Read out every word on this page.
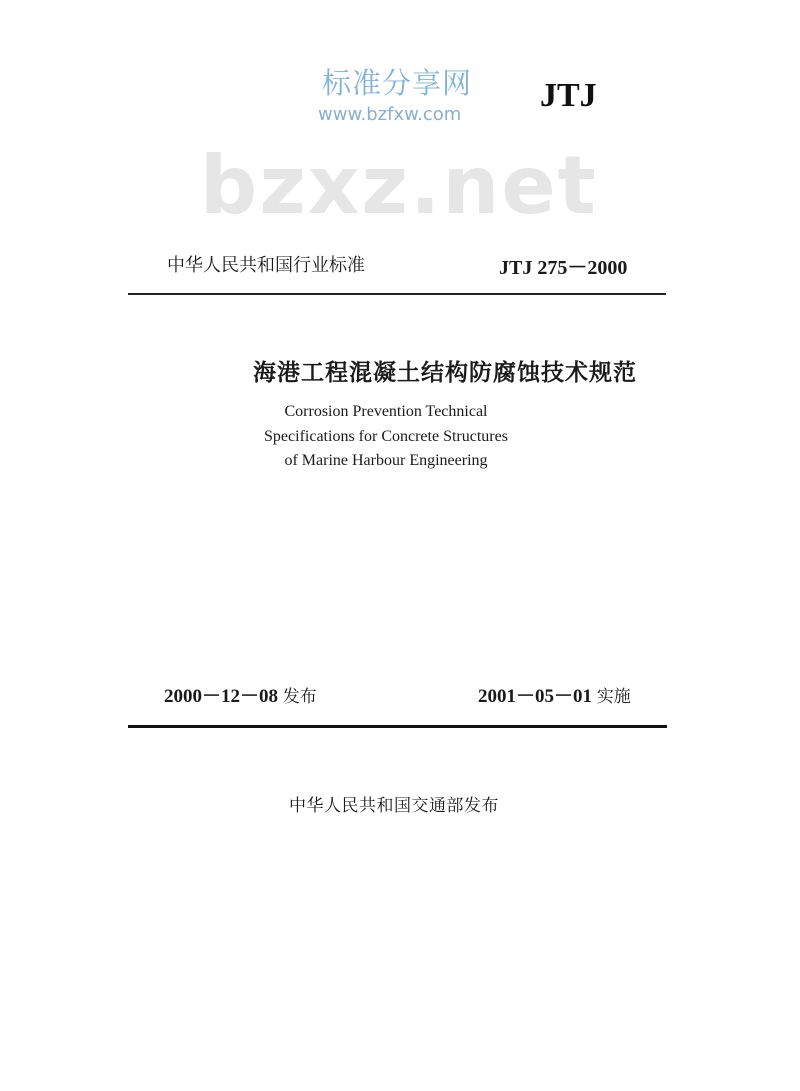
bzxz.net
标准分享网
www.bzfxw.com
JTJ
中华人民共和国行业标准	JTJ 275－2000
海港工程混凝土结构防腐蚀技术规范
Corrosion Prevention Technical
Specifications for Concrete Structures
of Marine Harbour Engineering
2000－12－08 发布	2001－05－01 实施
中华人民共和国交通部发布
